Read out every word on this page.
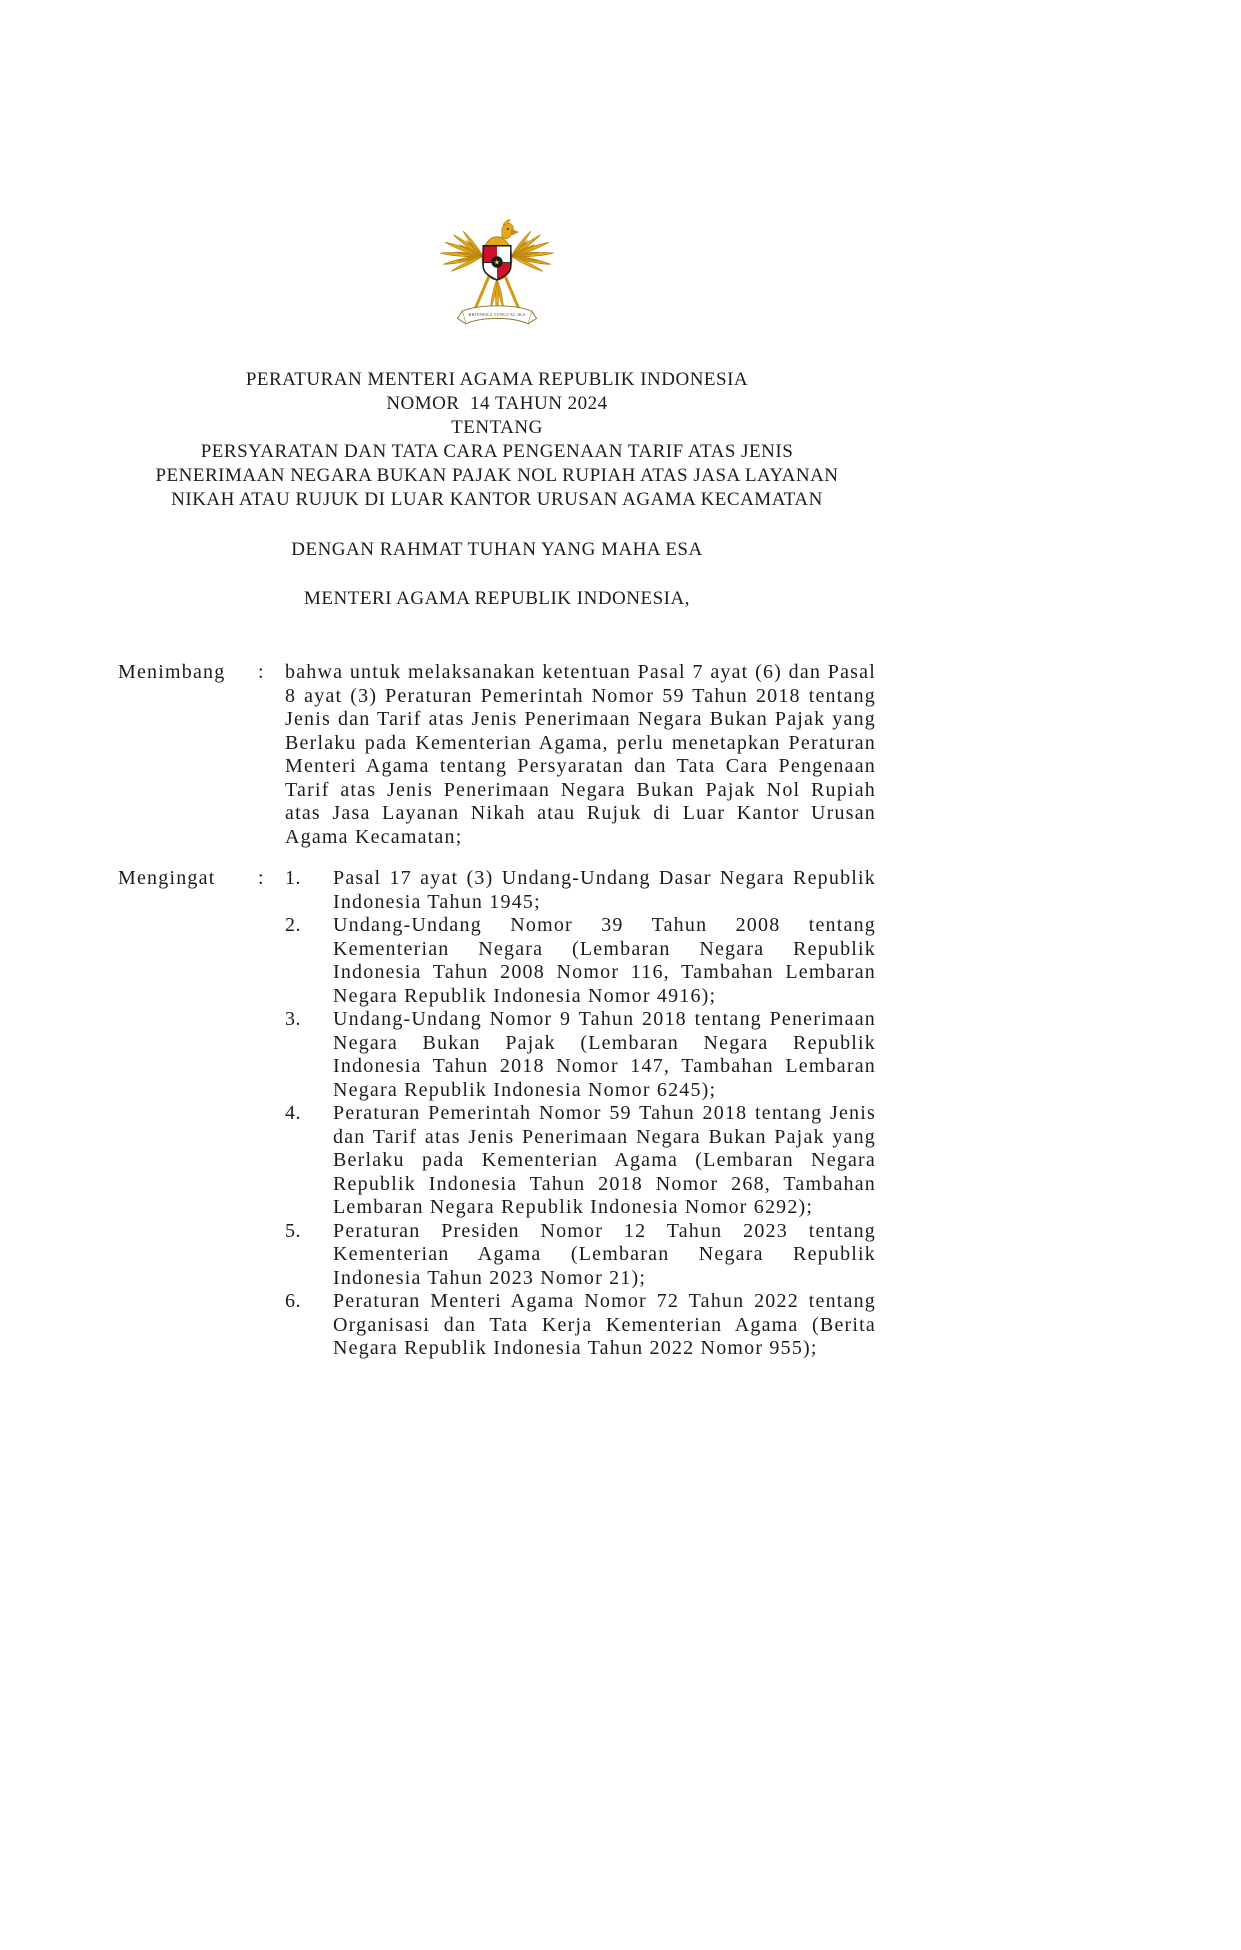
★
BHINNEKA TUNGGAL IKA
PERATURAN MENTERI AGAMA REPUBLIK INDONESIA
NOMOR  14 TAHUN 2024
TENTANG
PERSYARATAN DAN TATA CARA PENGENAAN TARIF ATAS JENIS
PENERIMAAN NEGARA BUKAN PAJAK NOL RUPIAH ATAS JASA LAYANAN
NIKAH ATAU RUJUK DI LUAR KANTOR URUSAN AGAMA KECAMATAN
DENGAN RAHMAT TUHAN YANG MAHA ESA
MENTERI AGAMA REPUBLIK INDONESIA,
Menimbang	:	bahwa untuk melaksanakan ketentuan Pasal 7 ayat (6) dan Pasal 8 ayat (3) Peraturan Pemerintah Nomor 59 Tahun 2018 tentang Jenis dan Tarif atas Jenis Penerimaan Negara Bukan Pajak yang Berlaku pada Kementerian Agama, perlu menetapkan Peraturan Menteri Agama tentang Persyaratan dan Tata Cara Pengenaan Tarif atas Jenis Penerimaan Negara Bukan Pajak Nol Rupiah atas Jasa Layanan Nikah atau Rujuk di Luar Kantor Urusan Agama Kecamatan;
Mengingat	:	1.	Pasal 17 ayat (3) Undang-Undang Dasar Negara Republik Indonesia Tahun 1945;
2.	Undang-Undang Nomor 39 Tahun 2008 tentang Kementerian Negara (Lembaran Negara Republik Indonesia Tahun 2008 Nomor 116, Tambahan Lembaran Negara Republik Indonesia Nomor 4916);
3.	Undang-Undang Nomor 9 Tahun 2018 tentang Penerimaan Negara Bukan Pajak (Lembaran Negara Republik Indonesia Tahun 2018 Nomor 147, Tambahan Lembaran Negara Republik Indonesia Nomor 6245);
4.	Peraturan Pemerintah Nomor 59 Tahun 2018 tentang Jenis dan Tarif atas Jenis Penerimaan Negara Bukan Pajak yang Berlaku pada Kementerian Agama (Lembaran Negara Republik Indonesia Tahun 2018 Nomor 268, Tambahan Lembaran Negara Republik Indonesia Nomor 6292);
5.	Peraturan Presiden Nomor 12 Tahun 2023 tentang Kementerian Agama (Lembaran Negara Republik Indonesia Tahun 2023 Nomor 21);
6.	Peraturan Menteri Agama Nomor 72 Tahun 2022 tentang Organisasi dan Tata Kerja Kementerian Agama (Berita Negara Republik Indonesia Tahun 2022 Nomor 955);
